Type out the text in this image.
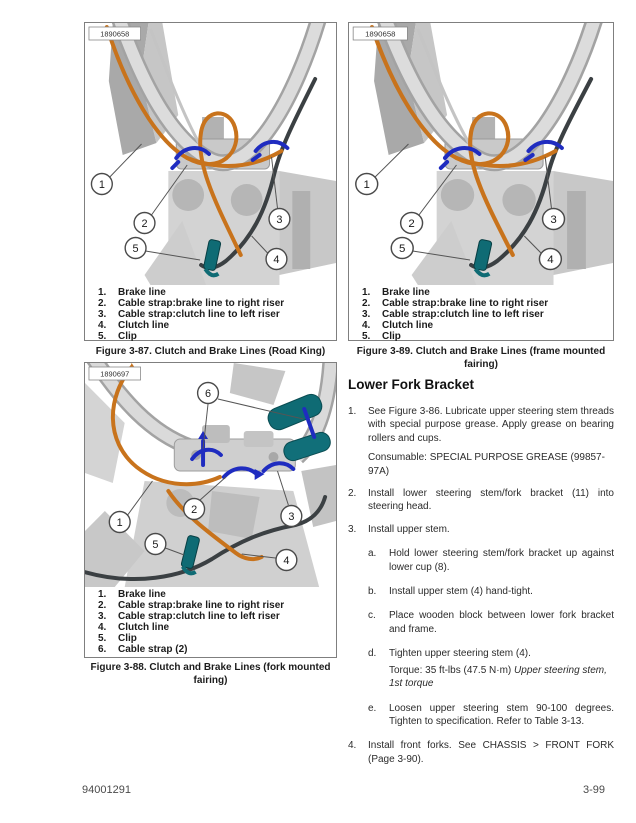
1
2	3
4
5
1890658
1.	Brake line
2.	Cable strap:brake line to right riser
3.	Cable strap:clutch line to left riser
4.	Clutch line
5.	Clip
Figure 3-87. Clutch and Brake Lines (Road King)
1
2	3
4
5
1890658
1.	Brake line
2.	Cable strap:brake line to right riser
3.	Cable strap:clutch line to left riser
4.	Clutch line
5.	Clip
Figure 3-89. Clutch and Brake Lines (frame mounted fairing)
6
1
2
3
5
4
1890697
1.	Brake line
2.	Cable strap:brake line to right riser
3.	Cable strap:clutch line to left riser
4.	Clutch line
5.	Clip
6.	Cable strap (2)
Figure 3-88. Clutch and Brake Lines (fork mounted fairing)
Lower Fork Bracket
1.	See Figure 3-86. Lubricate upper steering stem threads with special purpose grease. Apply grease on bearing rollers and cups.
Consumable: SPECIAL PURPOSE GREASE (99857-97A)
2.	Install lower steering stem/fork bracket (11) into steering head.
3.	Install upper stem.
a.	Hold lower steering stem/fork bracket up against lower cup (8).
b.	Install upper stem (4) hand-tight.
c.	Place wooden block between lower fork bracket and frame.
d.	Tighten upper steering stem (4).
Torque: 35 ft-lbs (47.5 N·m) Upper steering stem, 1st torque
e.	Loosen upper steering stem 90-100 degrees. Tighten to specification. Refer to Table 3-13.
4.	Install front forks. See CHASSIS > FRONT FORK (Page 3-90).
94001291	3-99
